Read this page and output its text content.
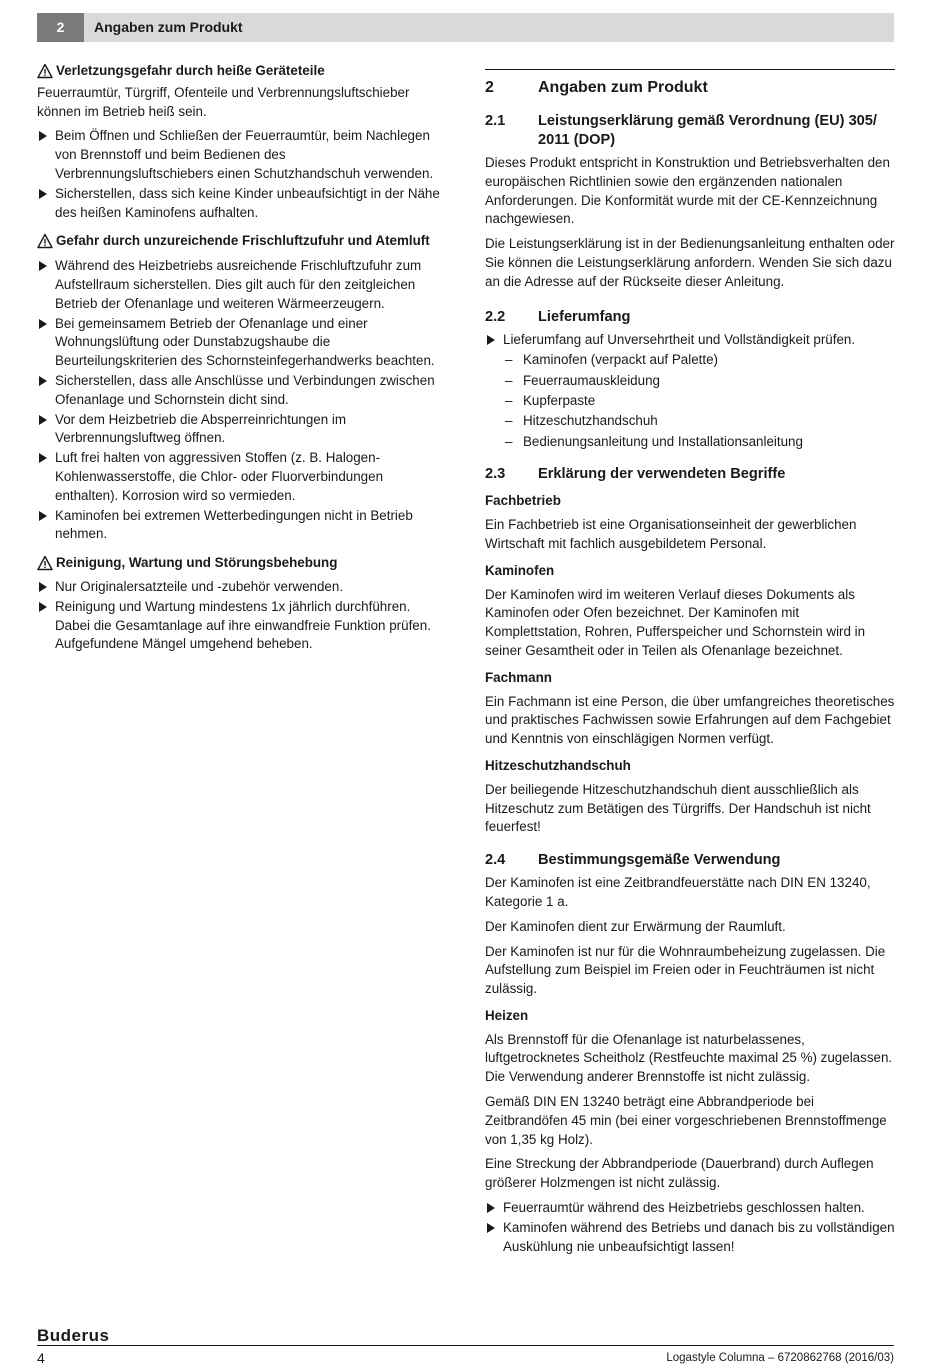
2	Angaben zum Produkt
Verletzungsgefahr durch heiße Geräteteile

Feuerraumtür, Türgriff, Ofenteile und Verbrennungsluftschieber können im Betrieb heiß sein.

Beim Öffnen und Schließen der Feuerraumtür, beim Nachlegen von Brennstoff und beim Bedienen des Verbrennungsluftschiebers einen Schutzhandschuh verwenden.
Sicherstellen, dass sich keine Kinder unbeaufsichtigt in der Nähe des heißen Kaminofens aufhalten.
Gefahr durch unzureichende Frischluftzufuhr und Atemluft
Während des Heizbetriebs ausreichende Frischluftzufuhr zum Aufstellraum sicherstellen. Dies gilt auch für den zeitgleichen Betrieb der Ofenanlage und weiteren Wärmeerzeugern.
Bei gemeinsamem Betrieb der Ofenanlage und einer Wohnungslüftung oder Dunstabzugshaube die Beurteilungskriterien des Schornsteinfegerhandwerks beachten.
Sicherstellen, dass alle Anschlüsse und Verbindungen zwischen Ofenanlage und Schornstein dicht sind.
Vor dem Heizbetrieb die Absperreinrichtungen im Verbrennungsluftweg öffnen.
Luft frei halten von aggressiven Stoffen (z. B. Halogen-Kohlenwasserstoffe, die Chlor- oder Fluorverbindungen enthalten). Korrosion wird so vermieden.
Kaminofen bei extremen Wetterbedingungen nicht in Betrieb nehmen.
Reinigung, Wartung und Störungsbehebung
Nur Originalersatzteile und -zubehör verwenden.
Reinigung und Wartung mindestens 1x jährlich durchführen. Dabei die Gesamtanlage auf ihre einwandfreie Funktion prüfen. Aufgefundene Mängel umgehend beheben.
2	Angaben zum Produkt
2.1	Leistungserklärung gemäß Verordnung (EU) 305/ 2011 (DOP)

Dieses Produkt entspricht in Konstruktion und Betriebsverhalten den europäischen Richtlinien sowie den ergänzenden nationalen Anforderungen. Die Konformität wurde mit der CE-Kennzeichnung nachgewiesen.

Die Leistungserklärung ist in der Bedienungsanleitung enthalten oder Sie können die Leistungserklärung anfordern. Wenden Sie sich dazu an die Adresse auf der Rückseite dieser Anleitung.

2.2	Lieferumfang
Lieferumfang auf Unversehrtheit und Vollständigkeit prüfen.
– Kaminofen (verpackt auf Palette)
– Feuerraumauskleidung
– Kupferpaste
– Hitzeschutzhandschuh
– Bedienungsanleitung und Installationsanleitung
2.3	Erklärung der verwendeten Begriffe
Fachbetrieb

Ein Fachbetrieb ist eine Organisationseinheit der gewerblichen Wirtschaft mit fachlich ausgebildetem Personal.

Kaminofen

Der Kaminofen wird im weiteren Verlauf dieses Dokuments als Kaminofen oder Ofen bezeichnet. Der Kaminofen mit Komplettstation, Rohren, Pufferspeicher und Schornstein wird in seiner Gesamtheit oder in Teilen als Ofenanlage bezeichnet.

Fachmann

Ein Fachmann ist eine Person, die über umfangreiches theoretisches und praktisches Fachwissen sowie Erfahrungen auf dem Fachgebiet und Kenntnis von einschlägigen Normen verfügt.

Hitzeschutzhandschuh

Der beiliegende Hitzeschutzhandschuh dient ausschließlich als Hitzeschutz zum Betätigen des Türgriffs. Der Handschuh ist nicht feuerfest!

2.4	Bestimmungsgemäße Verwendung

Der Kaminofen ist eine Zeitbrandfeuerstätte nach DIN EN 13240, Kategorie 1 a.

Der Kaminofen dient zur Erwärmung der Raumluft.

Der Kaminofen ist nur für die Wohnraumbeheizung zugelassen. Die Aufstellung zum Beispiel im Freien oder in Feuchträumen ist nicht zulässig.

Heizen

Als Brennstoff für die Ofenanlage ist naturbelassenes, luftgetrocknetes Scheitholz (Restfeuchte maximal 25 %) zugelassen. Die Verwendung anderer Brennstoffe ist nicht zulässig.

Gemäß DIN EN 13240 beträgt eine Abbrandperiode bei Zeitbrandöfen 45 min (bei einer vorgeschriebenen Brennstoffmenge von 1,35 kg Holz).

Eine Streckung der Abbrandperiode (Dauerbrand) durch Auflegen größerer Holzmengen ist nicht zulässig.

Feuerraumtür während des Heizbetriebs geschlossen halten.
Kaminofen während des Betriebs und danach bis zu vollständigen Auskühlung nie unbeaufsichtigt lassen!
Buderus
4	Logastyle Columna – 6720862768 (2016/03)
